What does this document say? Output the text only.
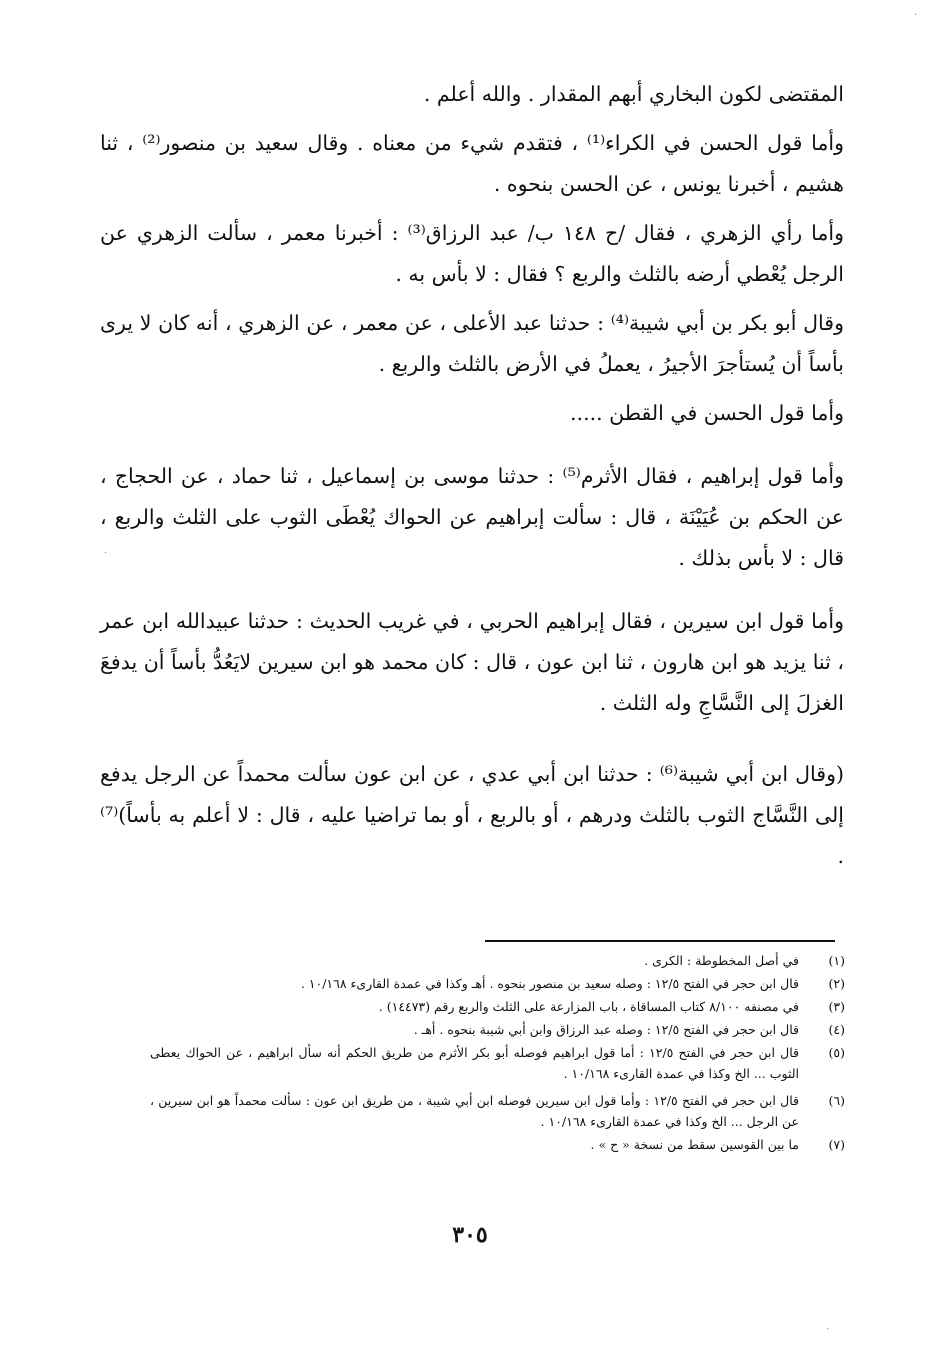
المقتضى لكون البخاري أبهم المقدار . والله أعلم .

وأما قول الحسن في الكراء⁽¹⁾ ، فتقدم شيء من معناه . وقال سعيد بن منصور⁽²⁾ ، ثنا هشيم ، أخبرنا يونس ، عن الحسن بنحوه .

وأما رأي الزهري ، فقال /ح ١٤٨ ب/ عبد الرزاق⁽³⁾ : أخبرنا معمر ، سألت الزهري عن الرجل يُعْطي أرضه بالثلث والربع ؟ فقال : لا بأس به .

وقال أبو بكر بن أبي شيبة⁽⁴⁾ : حدثنا عبد الأعلى ، عن معمر ، عن الزهري ، أنه كان لا يرى بأساً أن يُستأجرَ الأجيرُ ، يعملُ في الأرض بالثلث والربع .

وأما قول الحسن في القطن .....

وأما قول إبراهيم ، فقال الأثرم⁽⁵⁾ : حدثنا موسى بن إسماعيل ، ثنا حماد ، عن الحجاج ، عن الحكم بن عُيَيْنَة ، قال : سألت إبراهيم عن الحواك يُعْطَى الثوب على الثلث والربع ، قال : لا بأس بذلك .

وأما قول ابن سيرين ، فقال إبراهيم الحربي ، في غريب الحديث : حدثنا عبيدالله ابن عمر ، ثنا يزيد هو ابن هارون ، ثنا ابن عون ، قال : كان محمد هو ابن سيرين لايَعُدُّ بأساً أن يدفعَ الغزلَ إلى النَّسَّاجِ وله الثلث .

(وقال ابن أبي شيبة⁽⁶⁾ : حدثنا ابن أبي عدي ، عن ابن عون سألت محمداً عن الرجل يدفع إلى النَّسَّاج الثوب بالثلث ودرهم ، أو بالربع ، أو بما تراضيا عليه ، قال : لا أعلم به بأساً)⁽⁷⁾ .

(١)
في أصل المخطوطة : الكرى .
(٢)
قال ابن حجر في الفتح ١٢/٥ : وصله سعيد بن منصور بنحوه . أهـ وكذا في عمدة القارىء ١٠/١٦٨ .
(٣)
في مصنفه ٨/١٠٠ كتاب المساقاة ، باب المزارعة على الثلث والربع رقم (١٤٤٧٣) .
(٤)
قال ابن حجر في الفتح ١٢/٥ : وصله عبد الرزاق وابن أبي شيبة بنحوه . أهـ .
(٥)
قال ابن حجر في الفتح ١٢/٥ : أما قول ابراهيم فوصله أبو بكر الأثرم من طريق الحكم أنه سأل ابراهيم ، عن الحواك يعطى الثوب ... الخ وكذا في عمدة القارىء ١٠/١٦٨ .
(٦)
قال ابن حجر في الفتح ١٢/٥ : وأما قول ابن سيرين فوصله ابن أبي شيبة ، من طريق ابن عون : سألت محمداً هو ابن سيرين ، عن الرجل ... الخ وكذا في عمدة القارىء ١٠/١٦٨ .
(٧)
ما بين القوسين سقط من نسخة « ح » .
٣٠٥
·
·
·
